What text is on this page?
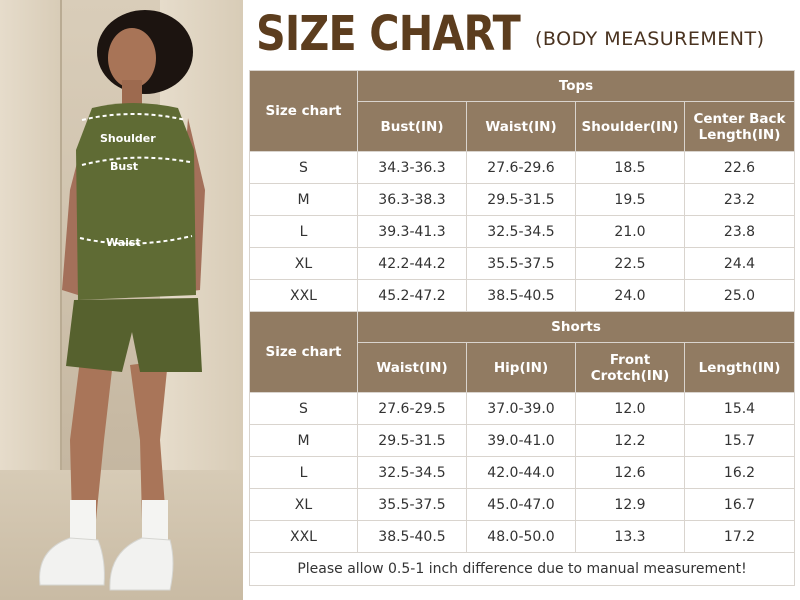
Shoulder
Bust
Waist
SIZE CHART (BODY MEASUREMENT)
Size chart	Tops			
	Bust(IN)	Waist(IN)	Shoulder(IN)	Center Back Length(IN)
S	34.3-36.3	27.6-29.6	18.5	22.6
M	36.3-38.3	29.5-31.5	19.5	23.2
L	39.3-41.3	32.5-34.5	21.0	23.8
XL	42.2-44.2	35.5-37.5	22.5	24.4
XXL	45.2-47.2	38.5-40.5	24.0	25.0
Size chart	Shorts			
	Waist(IN)	Hip(IN)	Front Crotch(IN)	Length(IN)
S	27.6-29.5	37.0-39.0	12.0	15.4
M	29.5-31.5	39.0-41.0	12.2	15.7
L	32.5-34.5	42.0-44.0	12.6	16.2
XL	35.5-37.5	45.0-47.0	12.9	16.7
XXL	38.5-40.5	48.0-50.0	13.3	17.2
Please allow 0.5-1 inch difference due to manual measurement!				
